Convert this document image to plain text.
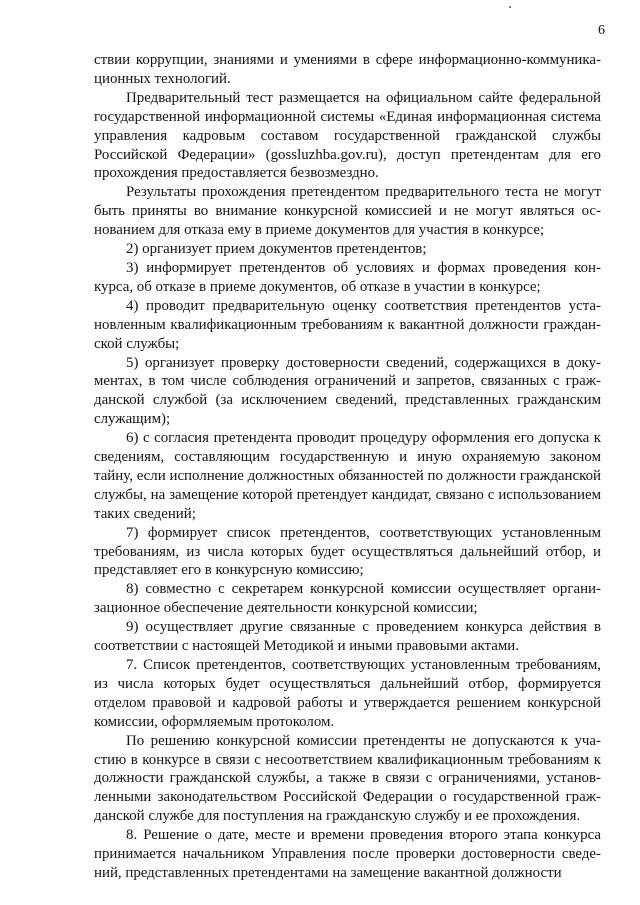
6

ствии коррупции, знаниями и умениями в сфере информационно-коммуникационных технологий.

Предварительный тест размещается на официальном сайте федеральной государственной информационной системы «Единая информационная система управления кадровым составом государственной гражданской службы Российской Федерации» (gossluzhba.gov.ru), доступ претендентам для его прохождения предоставляется безвозмездно.

Результаты прохождения претендентом предварительного теста не могут быть приняты во внимание конкурсной комиссией и не могут являться основанием для отказа ему в приеме документов для участия в конкурсе;

2) организует прием документов претендентов;

3) информирует претендентов об условиях и формах проведения конкурса, об отказе в приеме документов, об отказе в участии в конкурсе;

4) проводит предварительную оценку соответствия претендентов установленным квалификационным требованиям к вакантной должности гражданской службы;

5) организует проверку достоверности сведений, содержащихся в документах, в том числе соблюдения ограничений и запретов, связанных с гражданской службой (за исключением сведений, представленных гражданским служащим);

6) с согласия претендента проводит процедуру оформления его допуска к сведениям, составляющим государственную и иную охраняемую законом тайну, если исполнение должностных обязанностей по должности гражданской службы, на замещение которой претендует кандидат, связано с использованием таких сведений;

7) формирует список претендентов, соответствующих установленным требованиям, из числа которых будет осуществляться дальнейший отбор, и представляет его в конкурсную комиссию;

8) совместно с секретарем конкурсной комиссии осуществляет организационное обеспечение деятельности конкурсной комиссии;

9) осуществляет другие связанные с проведением конкурса действия в соответствии с настоящей Методикой и иными правовыми актами.

7. Список претендентов, соответствующих установленным требованиям, из числа которых будет осуществляться дальнейший отбор, формируется отделом правовой и кадровой работы и утверждается решением конкурсной комиссии, оформляемым протоколом.

По решению конкурсной комиссии претенденты не допускаются к участию в конкурсе в связи с несоответствием квалификационным требованиям к должности гражданской службы, а также в связи с ограничениями, установленными законодательством Российской Федерации о государственной гражданской службе для поступления на гражданскую службу и ее прохождения.

8. Решение о дате, месте и времени проведения второго этапа конкурса принимается начальником Управления после проверки достоверности сведений, представленных претендентами на замещение вакантной должности
